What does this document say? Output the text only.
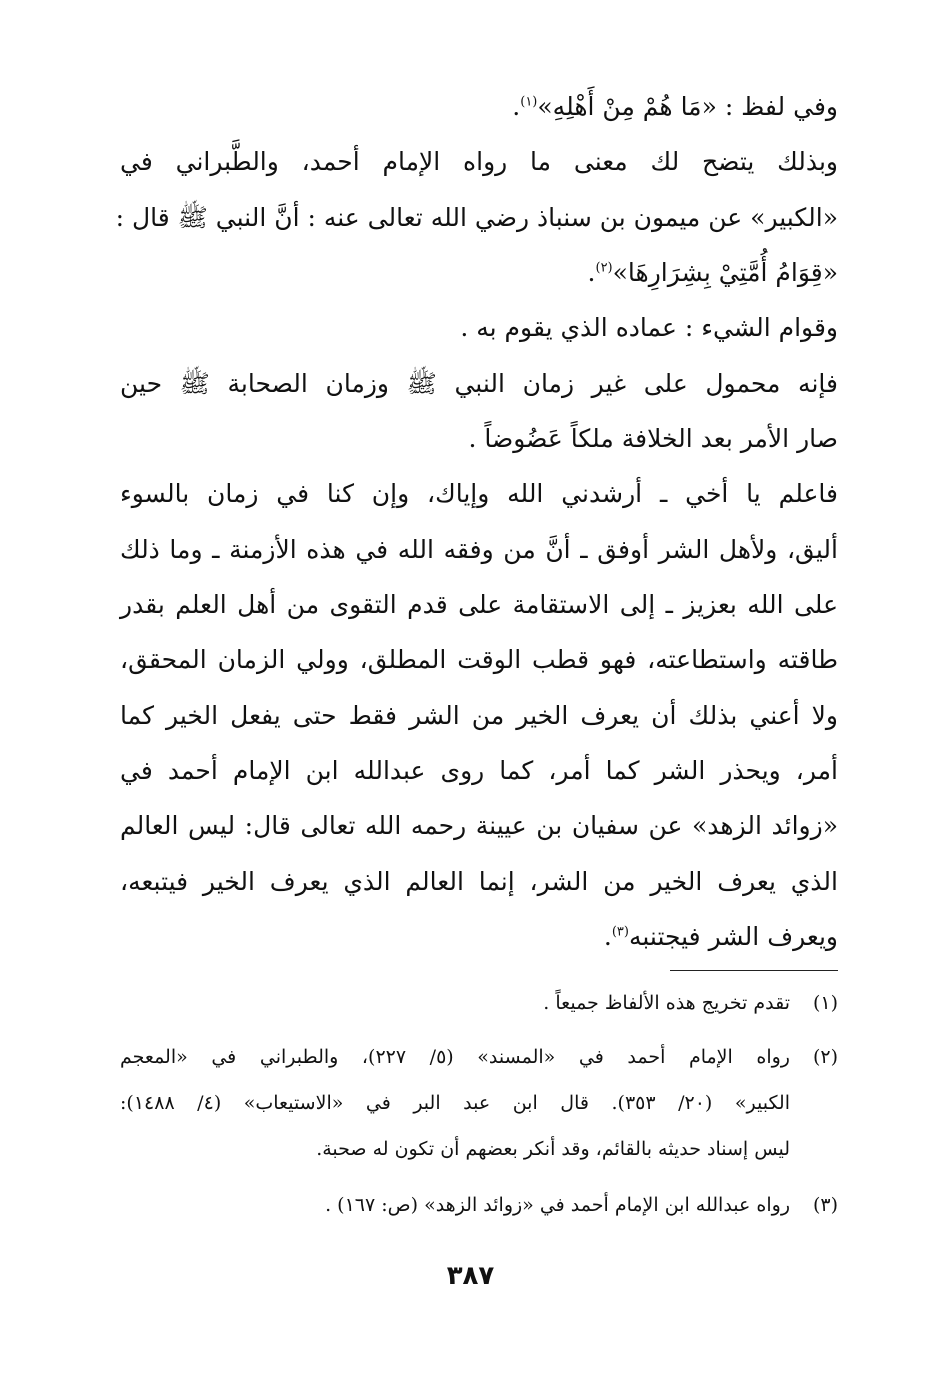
وفي لفظ : «مَا هُمْ مِنْ أَهْلِهِ»$^{(١)}$.
وبذلك يتضح لك معنى ما رواه الإمام أحمد، والطَّبراني في
«الكبير» عن ميمون بن سنباذ رضي الله تعالى عنه : أنَّ النبي ﷺ قال :
«قِوَامُ أُمَّتِيْ بِشِرَارِهَا»$^{(٢)}$.
وقوام الشيء : عماده الذي يقوم به .
فإنه محمول على غير زمان النبي ﷺ وزمان الصحابة ﷺ حين
صار الأمر بعد الخلافة ملكاً عَضُوضاً .
فاعلم يا أخي ـ أرشدني الله وإياك، وإن كنا في زمان بالسوء
أليق، ولأهل الشر أوفق ـ أنَّ من وفقه الله في هذه الأزمنة ـ وما ذلك
على الله بعزيز ـ إلى الاستقامة على قدم التقوى من أهل العلم بقدر
طاقته واستطاعته، فهو قطب الوقت المطلق، وولي الزمان المحقق،
ولا أعني بذلك أن يعرف الخير من الشر فقط حتى يفعل الخير كما
أمر، ويحذر الشر كما أمر، كما روى عبدالله ابن الإمام أحمد في
«زوائد الزهد» عن سفيان بن عيينة رحمه الله تعالى قال: ليس العالم
الذي يعرف الخير من الشر، إنما العالم الذي يعرف الخير فيتبعه،
ويعرف الشر فيجتنبه$^{(٣)}$.
(١)
تقدم تخريج هذه الألفاظ جميعاً .
(٢)
رواه الإمام أحمد في «المسند» (٥/ ٢٢٧)، والطبراني في «المعجم
الكبير» (٢٠/ ٣٥٣). قال ابن عبد البر في «الاستيعاب» (٤/ ١٤٨٨):
ليس إسناد حديثه بالقائم، وقد أنكر بعضهم أن تكون له صحبة.
(٣)
رواه عبدالله ابن الإمام أحمد في «زوائد الزهد» (ص: ١٦٧) .
٣٨٧
